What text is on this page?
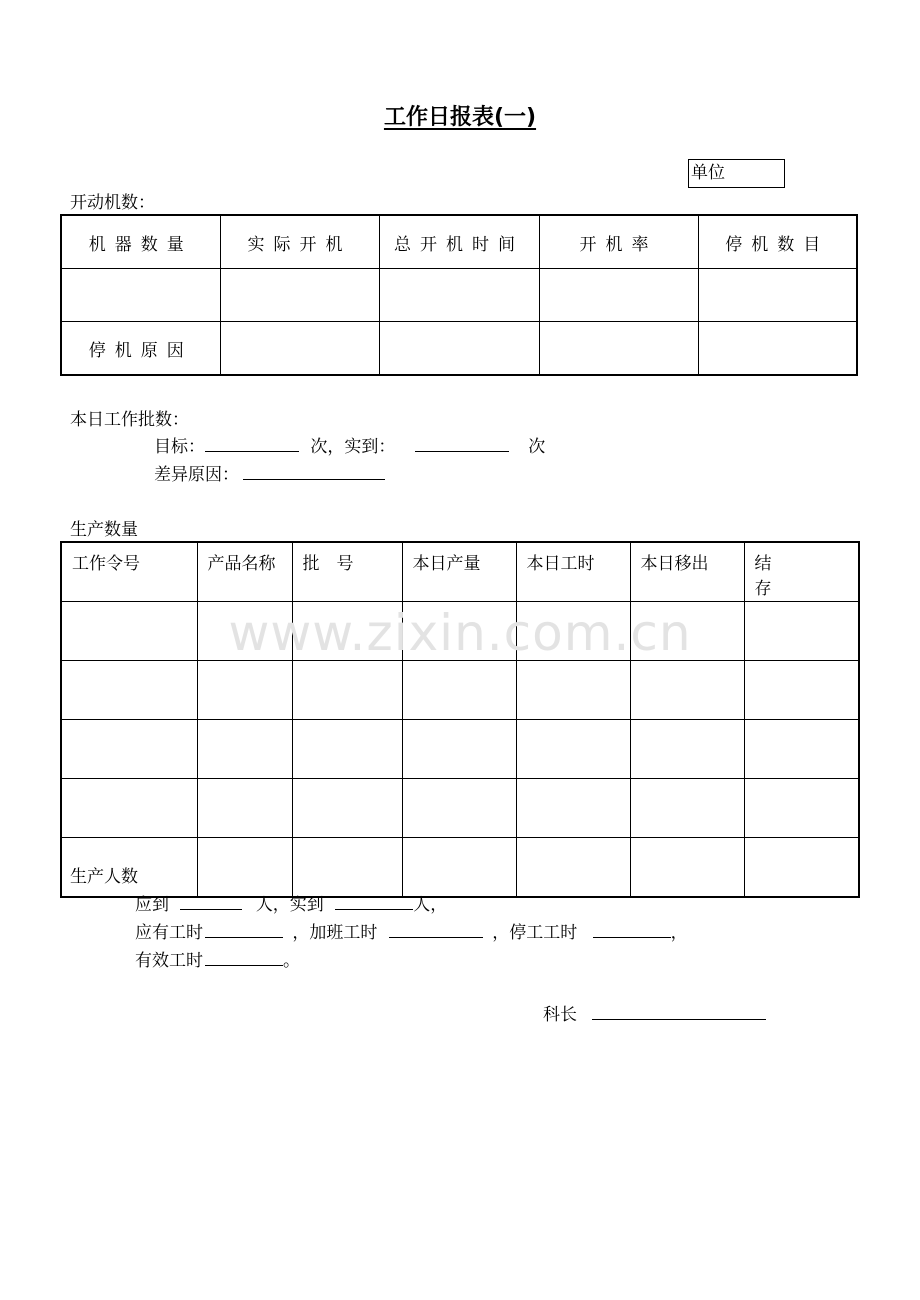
工作日报表(一)
单位
开动机数：
机器数量	实际开机	总开机时间	开机率	停机数目

停机原因				
本日工作批数：
目标：	次，实到：	次
差异原因：
生产数量
工作令号	产品名称	批　号	本日产量	本日工时	本日移出	结存

www.zixin.com.cn
生产人数
应到	人，实到	人，
应有工时	，加班工时	，停工工时	，
有效工时	。
科长
